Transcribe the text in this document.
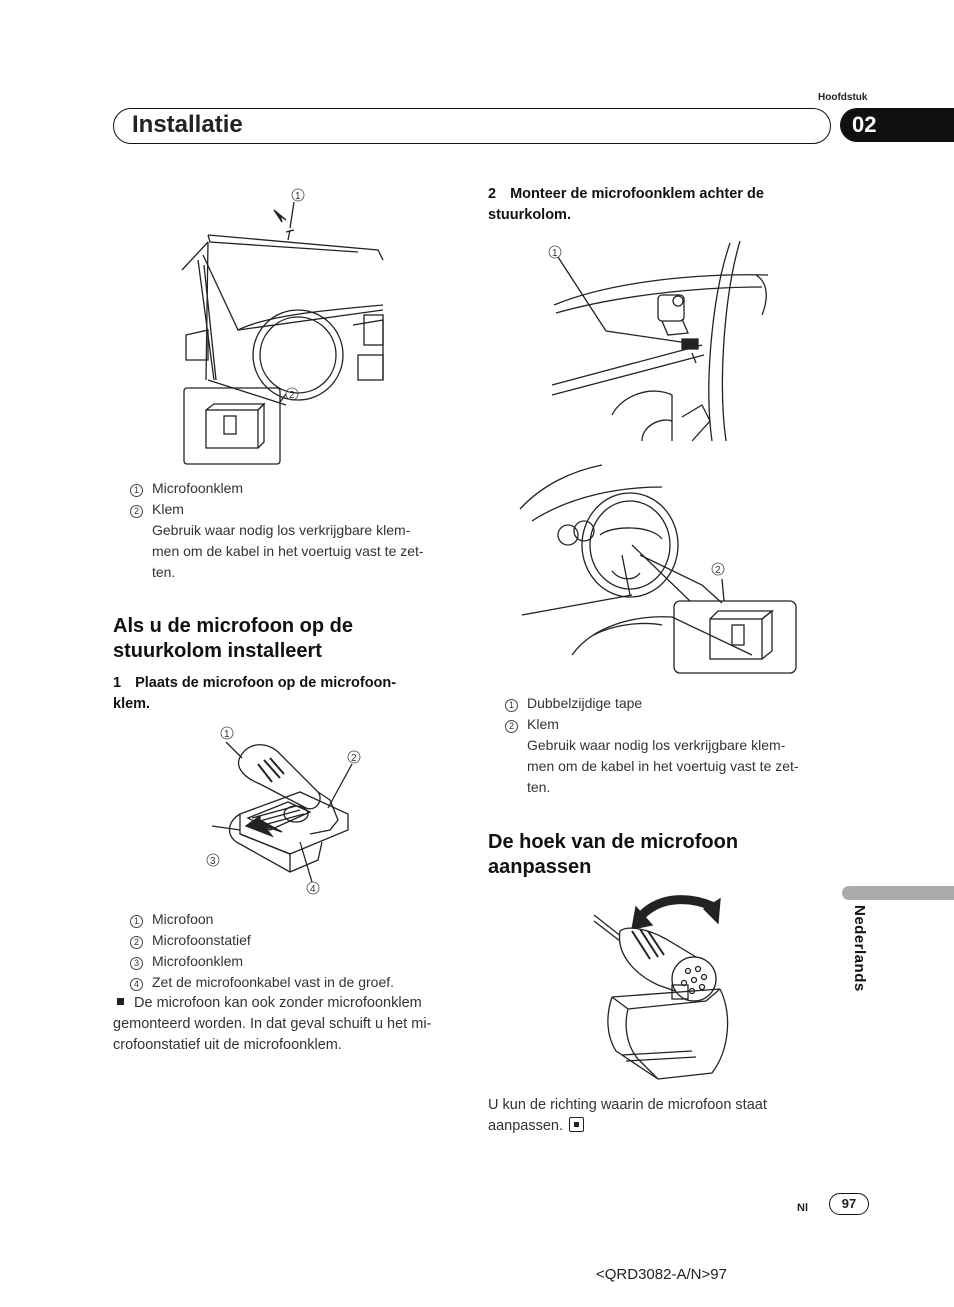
Hoofdstuk
Installatie	02
1
2
1 Microfoonklem
2 Klem
Gebruik waar nodig los verkrijgbare klem-
men om de kabel in het voertuig vast te zet-
ten.
Als u de microfoon op de
stuurkolom installeert
1 Plaats de microfoon op de microfoon-
klem.
1
2
3
4
1 Microfoon
2 Microfoonstatief
3 Microfoonklem
4 Zet de microfoonkabel vast in de groef.
De microfoon kan ook zonder microfoonklem
gemonteerd worden. In dat geval schuift u het mi-
crofoonstatief uit de microfoonklem.
2 Monteer de microfoonklem achter de
stuurkolom.
1
2
1 Dubbelzijdige tape
2 Klem
Gebruik waar nodig los verkrijgbare klem-
men om de kabel in het voertuig vast te zet-
ten.
De hoek van de microfoon
aanpassen
U kun de richting waarin de microfoon staat
aanpassen.
Nederlands
Nl	97
<QRD3082-A/N>97
